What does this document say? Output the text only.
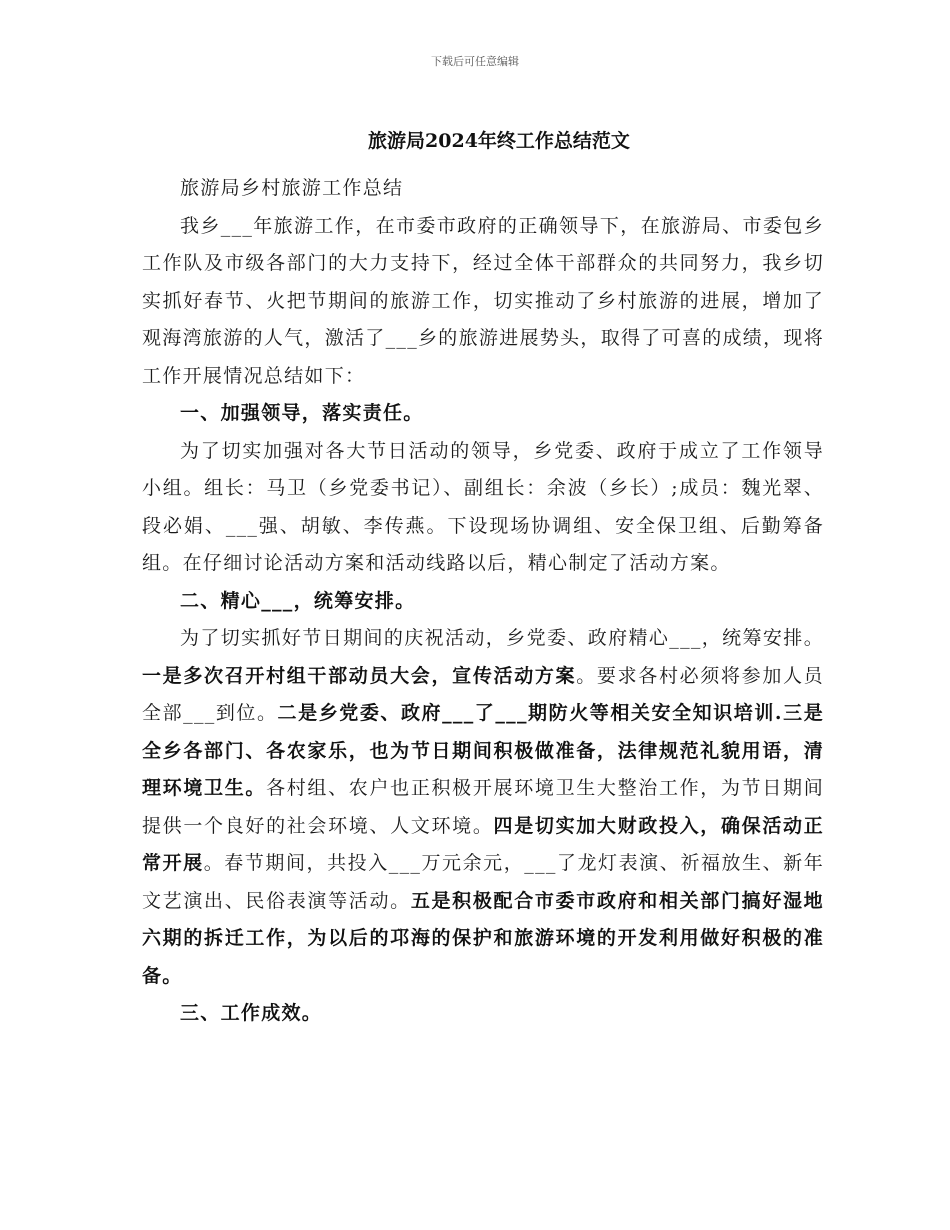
下载后可任意编辑
旅游局2024年终工作总结范文

旅游局乡村旅游工作总结

我乡___年旅游工作，在市委市政府的正确领导下，在旅游局、市委包乡工作队及市级各部门的大力支持下，经过全体干部群众的共同努力，我乡切实抓好春节、火把节期间的旅游工作，切实推动了乡村旅游的进展，增加了观海湾旅游的人气，激活了___乡的旅游进展势头，取得了可喜的成绩，现将工作开展情况总结如下：

一、加强领导，落实责任。

为了切实加强对各大节日活动的领导，乡党委、政府于成立了工作领导小组。组长：马卫（乡党委书记）、副组长：余波（乡长）;成员：魏光翠、段必娟、___强、胡敏、李传燕。下设现场协调组、安全保卫组、后勤筹备组。在仔细讨论活动方案和活动线路以后，精心制定了活动方案。

二、精心___，统筹安排。

为了切实抓好节日期间的庆祝活动，乡党委、政府精心___，统筹安排。一是多次召开村组干部动员大会，宣传活动方案。要求各村必须将参加人员全部___到位。二是乡党委、政府___了___期防火等相关安全知识培训.三是全乡各部门、各农家乐，也为节日期间积极做准备，法律规范礼貌用语，清理环境卫生。各村组、农户也正积极开展环境卫生大整治工作，为节日期间提供一个良好的社会环境、人文环境。四是切实加大财政投入，确保活动正常开展。春节期间，共投入___万元余元，___了龙灯表演、祈福放生、新年文艺演出、民俗表演等活动。五是积极配合市委市政府和相关部门搞好湿地六期的拆迁工作，为以后的邛海的保护和旅游环境的开发利用做好积极的准备。

三、工作成效。
